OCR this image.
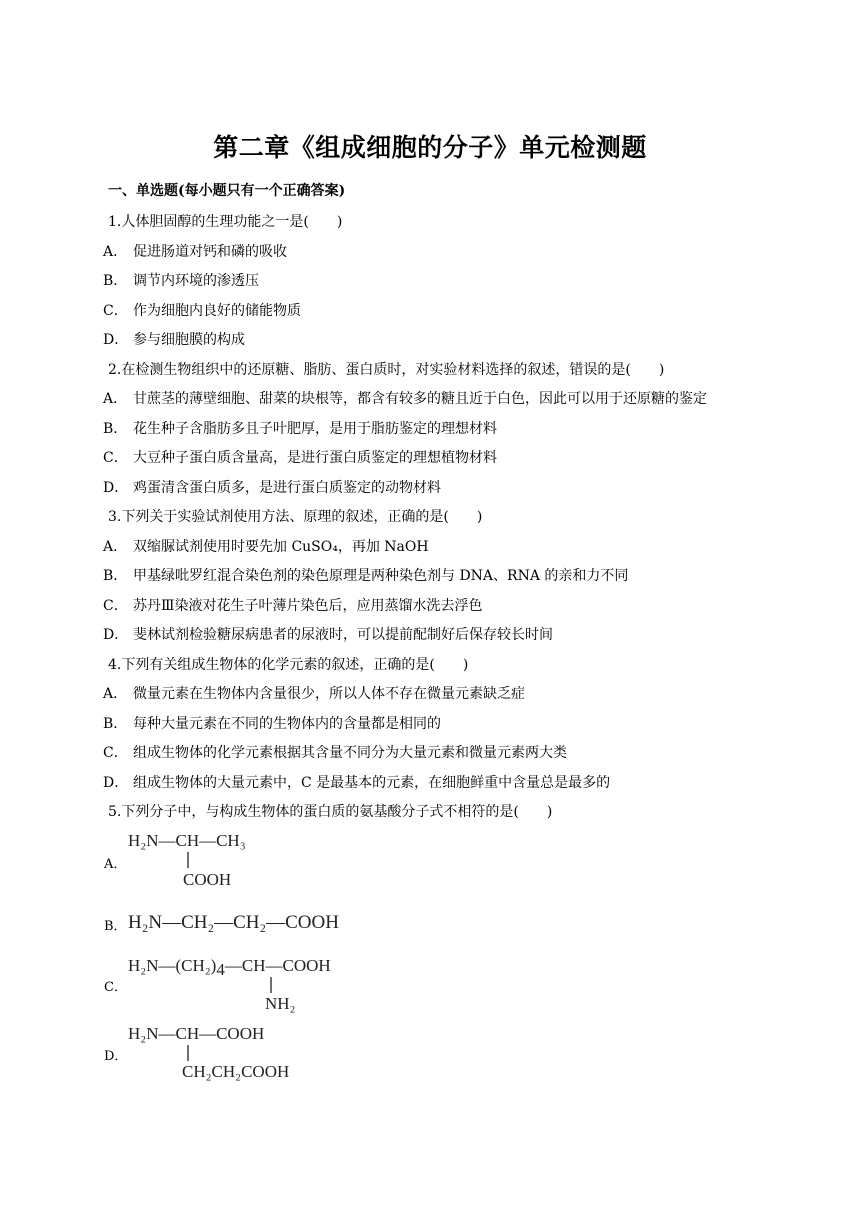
第二章《组成细胞的分子》单元检测题
一、单选题(每小题只有一个正确答案)
1.人体胆固醇的生理功能之一是(　　)
A． 促进肠道对钙和磷的吸收
B． 调节内环境的渗透压
C． 作为细胞内良好的储能物质
D． 参与细胞膜的构成
2.在检测生物组织中的还原糖、脂肪、蛋白质时，对实验材料选择的叙述，错误的是(　　)
A． 甘蔗茎的薄壁细胞、甜菜的块根等，都含有较多的糖且近于白色，因此可以用于还原糖的鉴定
B． 花生种子含脂肪多且子叶肥厚，是用于脂肪鉴定的理想材料
C． 大豆种子蛋白质含量高，是进行蛋白质鉴定的理想植物材料
D． 鸡蛋清含蛋白质多，是进行蛋白质鉴定的动物材料
3.下列关于实验试剂使用方法、原理的叙述，正确的是(　　)
A． 双缩脲试剂使用时要先加 CuSO₄，再加 NaOH
B． 甲基绿吡罗红混合染色剂的染色原理是两种染色剂与 DNA、RNA 的亲和力不同
C． 苏丹Ⅲ染液对花生子叶薄片染色后，应用蒸馏水洗去浮色
D． 斐林试剂检验糖尿病患者的尿液时，可以提前配制好后保存较长时间
4.下列有关组成生物体的化学元素的叙述，正确的是(　　)
A． 微量元素在生物体内含量很少，所以人体不存在微量元素缺乏症
B． 每种大量元素在不同的生物体内的含量都是相同的
C． 组成生物体的化学元素根据其含量不同分为大量元素和微量元素两大类
D． 组成生物体的大量元素中，C 是最基本的元素，在细胞鲜重中含量总是最多的
5.下列分子中，与构成生物体的蛋白质的氨基酸分子式不相符的是(　　)
A．
H₂N—CH—CH₃
COOH
B． H₂N—CH₂—CH₂—COOH
C．
H₂N—(CH₂)4—CH—COOH
NH₂
D．
H₂N—CH—COOH
CH₂CH₂COOH
